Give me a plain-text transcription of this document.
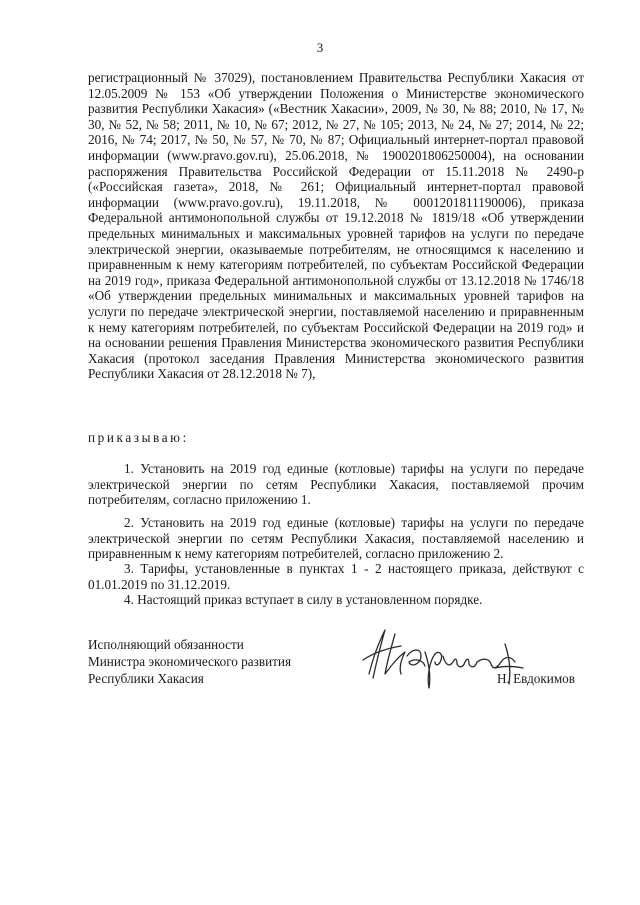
3
регистрационный № 37029), постановлением Правительства Республики Хакасия от 12.05.2009 № 153 «Об утверждении Положения о Министерстве экономического развития Республики Хакасия» («Вестник Хакасии», 2009, № 30, № 88; 2010, № 17, № 30, № 52, № 58; 2011, № 10, № 67; 2012, № 27, № 105; 2013, № 24, № 27; 2014, № 22; 2016, № 74; 2017, № 50, № 57, № 70, № 87; Официальный интернет-портал правовой информации (www.pravo.gov.ru), 25.06.2018, № 1900201806250004), на основании распоряжения Правительства Российской Федерации от 15.11.2018 № 2490-р («Российская газета», 2018, № 261; Официальный интернет-портал правовой информации (www.pravo.gov.ru), 19.11.2018, № 0001201811190006), приказа Федеральной антимонопольной службы от 19.12.2018 № 1819/18 «Об утверждении предельных минимальных и максимальных уровней тарифов на услуги по передаче электрической энергии, оказываемые потребителям, не относящимся к населению и приравненным к нему категориям потребителей, по субъектам Российской Федерации на 2019 год», приказа Федеральной антимонопольной службы от 13.12.2018 № 1746/18 «Об утверждении предельных минимальных и максимальных уровней тарифов на услуги по передаче электрической энергии, поставляемой населению и приравненным к нему категориям потребителей, по субъектам Российской Федерации на 2019 год» и на основании решения Правления Министерства экономического развития Республики Хакасия (протокол заседания Правления Министерства экономического развития Республики Хакасия от 28.12.2018 № 7),
приказываю:
1. Установить на 2019 год единые (котловые) тарифы на услуги по передаче электрической энергии по сетям Республики Хакасия, поставляемой прочим потребителям, согласно приложению 1.
2. Установить на 2019 год единые (котловые) тарифы на услуги по передаче электрической энергии по сетям Республики Хакасия, поставляемой населению и приравненным к нему категориям потребителей, согласно приложению 2.
3. Тарифы, установленные в пунктах 1 - 2 настоящего приказа, действуют с 01.01.2019 по 31.12.2019.
4. Настоящий приказ вступает в силу в установленном порядке.
Исполняющий обязанности
Министра экономического развития
Республики Хакасия	Н. Евдокимов
